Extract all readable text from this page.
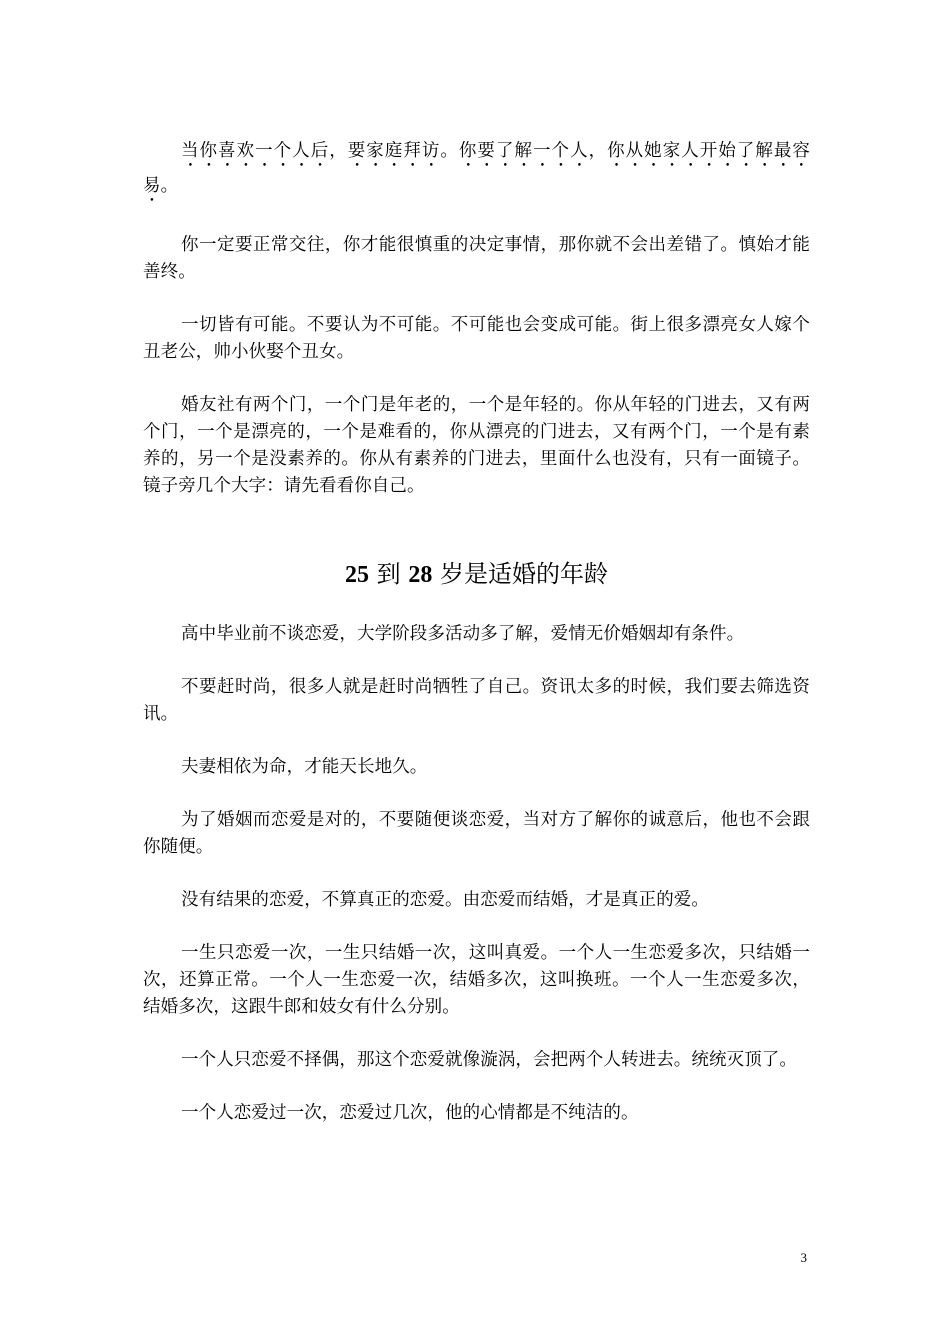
当你喜欢一个人后，要家庭拜访。你要了解一个人，你从她家人开始了解最容易。

你一定要正常交往，你才能很慎重的决定事情，那你就不会出差错了。慎始才能善终。

一切皆有可能。不要认为不可能。不可能也会变成可能。街上很多漂亮女人嫁个丑老公，帅小伙娶个丑女。

婚友社有两个门，一个门是年老的，一个是年轻的。你从年轻的门进去，又有两个门，一个是漂亮的，一个是难看的，你从漂亮的门进去，又有两个门，一个是有素养的，另一个是没素养的。你从有素养的门进去，里面什么也没有，只有一面镜子。镜子旁几个大字：请先看看你自己。

25 到 28 岁是适婚的年龄

高中毕业前不谈恋爱，大学阶段多活动多了解，爱情无价婚姻却有条件。

不要赶时尚，很多人就是赶时尚牺牲了自己。资讯太多的时候，我们要去筛选资讯。

夫妻相依为命，才能天长地久。

为了婚姻而恋爱是对的，不要随便谈恋爱，当对方了解你的诚意后，他也不会跟你随便。

没有结果的恋爱，不算真正的恋爱。由恋爱而结婚，才是真正的爱。

一生只恋爱一次，一生只结婚一次，这叫真爱。一个人一生恋爱多次，只结婚一次，还算正常。一个人一生恋爱一次，结婚多次，这叫换班。一个人一生恋爱多次，结婚多次，这跟牛郎和妓女有什么分别。

一个人只恋爱不择偶，那这个恋爱就像漩涡，会把两个人转进去。统统灭顶了。

一个人恋爱过一次，恋爱过几次，他的心情都是不纯洁的。

3
